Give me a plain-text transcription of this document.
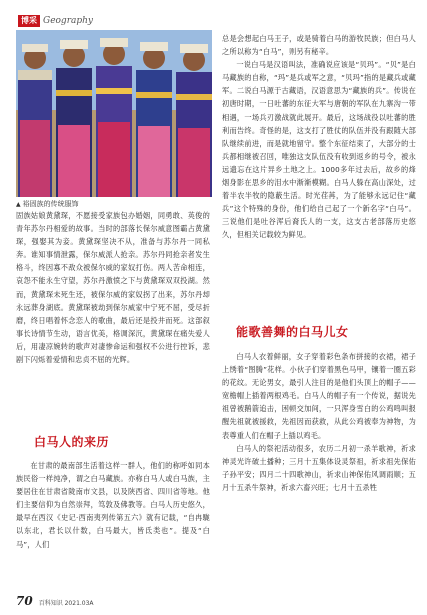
博采 Geography
▲ 裕固族的传统服饰

固族姑娘黄黛琛，不愿接受家族包办婚姻，同勇敢、英俊的青年苏尔丹相爱的故事。当时的部落长保尔威意图霸占黄黛琛，强娶其为妾。黄黛琛坚决不从，准备与苏尔丹一同私奔。谁知事情泄露，保尔威派人抢亲。苏尔丹同抢亲者发生格斗，终因寡不敌众被保尔威的家奴打伤。两人苦命相连，哀怨不能永生守望，苏尔丹激愤之下与黄黛琛双双投湖。然而，黄黛琛未死生还，被保尔威的家奴拐了出来，苏尔丹却永远葬身湖底。黄黛琛被劫到保尔威家中宁死不屈，受尽折磨，终日唱着怀念恋人的歌曲，最后还是投井而死。这部叙事长诗情节生动，语言优美，格调深沉，黄黛琛在痛失爱人后，用凄凉婉转的歌声对凄惨命运和强权不公进行控诉，悲剧下闪烁着爱情和忠贞不屈的光辉。

白马人的来历

在甘肃的最南部生活着这样一群人，他们的称呼如同本族民俗一样纯净，谓之白马藏族。亦称白马人或白马族，主要居住在甘肃省陇南市文县，以及陕西省、四川省等地。他们主要信仰为自然崇拜，笃敦及佛教等。白马人历史悠久，最早在西汉《史记·西南夷列传第五六》就有记载，“自冉駹以东北，君长以什数，白马最大，皆氐类也”。提及“白马”，人们

总是会想起白马王子，或是骑着白马的游牧民族；但白马人之所以称为“白马”，则另有秘辛。

一说白马是汉语叫法，准确说应该是“贝玛”。“贝”是白马藏族的自称，“玛”是兵或军之意，“贝玛”指的是藏兵或藏军。二说白马源于古藏语，汉语意思为“藏族的兵”。传说在初唐时期，一日吐蕃的东征大军与唐朝的军队在九寨沟一带相遇，一场兵刃激战就此展开。最后，这场战役以吐蕃的胜利而告终。奇怪的是，这支打了胜仗的队伍并没有跟随大部队继续前进，而是就地留守。整个东征结束了，大部分的士兵都相继被召回，唯独这支队伍没有收到返乡的号令，被永远遗忘在这片异乡土地之上。1000多年过去后，故乡的烽烟身影在思乡的泪水中渐渐模糊。白马人躲在高山深处，过着半农半牧的隐蔽生活。时光荏苒，为了能够永远记住“藏兵”这个特殊的身份，他们给自己起了一个新名字“白马”。三说他们是吐谷浑后裔氏人的一支，这支古老部落历史悠久，但相关记载较为鲜见。

能歌善舞的白马儿女

白马人衣着鲜丽，女子穿着彩色条布拼接的衣裙，裙子上绣着“图腾”花样。小伙子们穿着黑色马甲，镶着一圈五彩的花纹。无论男女，最引人注目的是他们头顶上的帽子——宽檐帽上插着两根鸡毛。白马人的帽子有一个传说，据说先祖曾被鹅箭追击，困顿交加间，一只浑身雪白的公鸡鸣叫报醒先祖就被援救，先祖因而获救，从此公鸡被奉为神物，为表尊重人们在帽子上插以鸡毛。

白马人的祭祀活动很多，农历二月初一杀羊歌神，祈求神灵光许破土播种；三月十五集体设灵祭祖，祈求祖先保佑子孙平安；四月二十四歌神山，祈求山神保佑风调雨顺；五月十五杀牛祭神，祈求六畜兴旺；七月十五杀牲

70 百科知识 2021.03A
